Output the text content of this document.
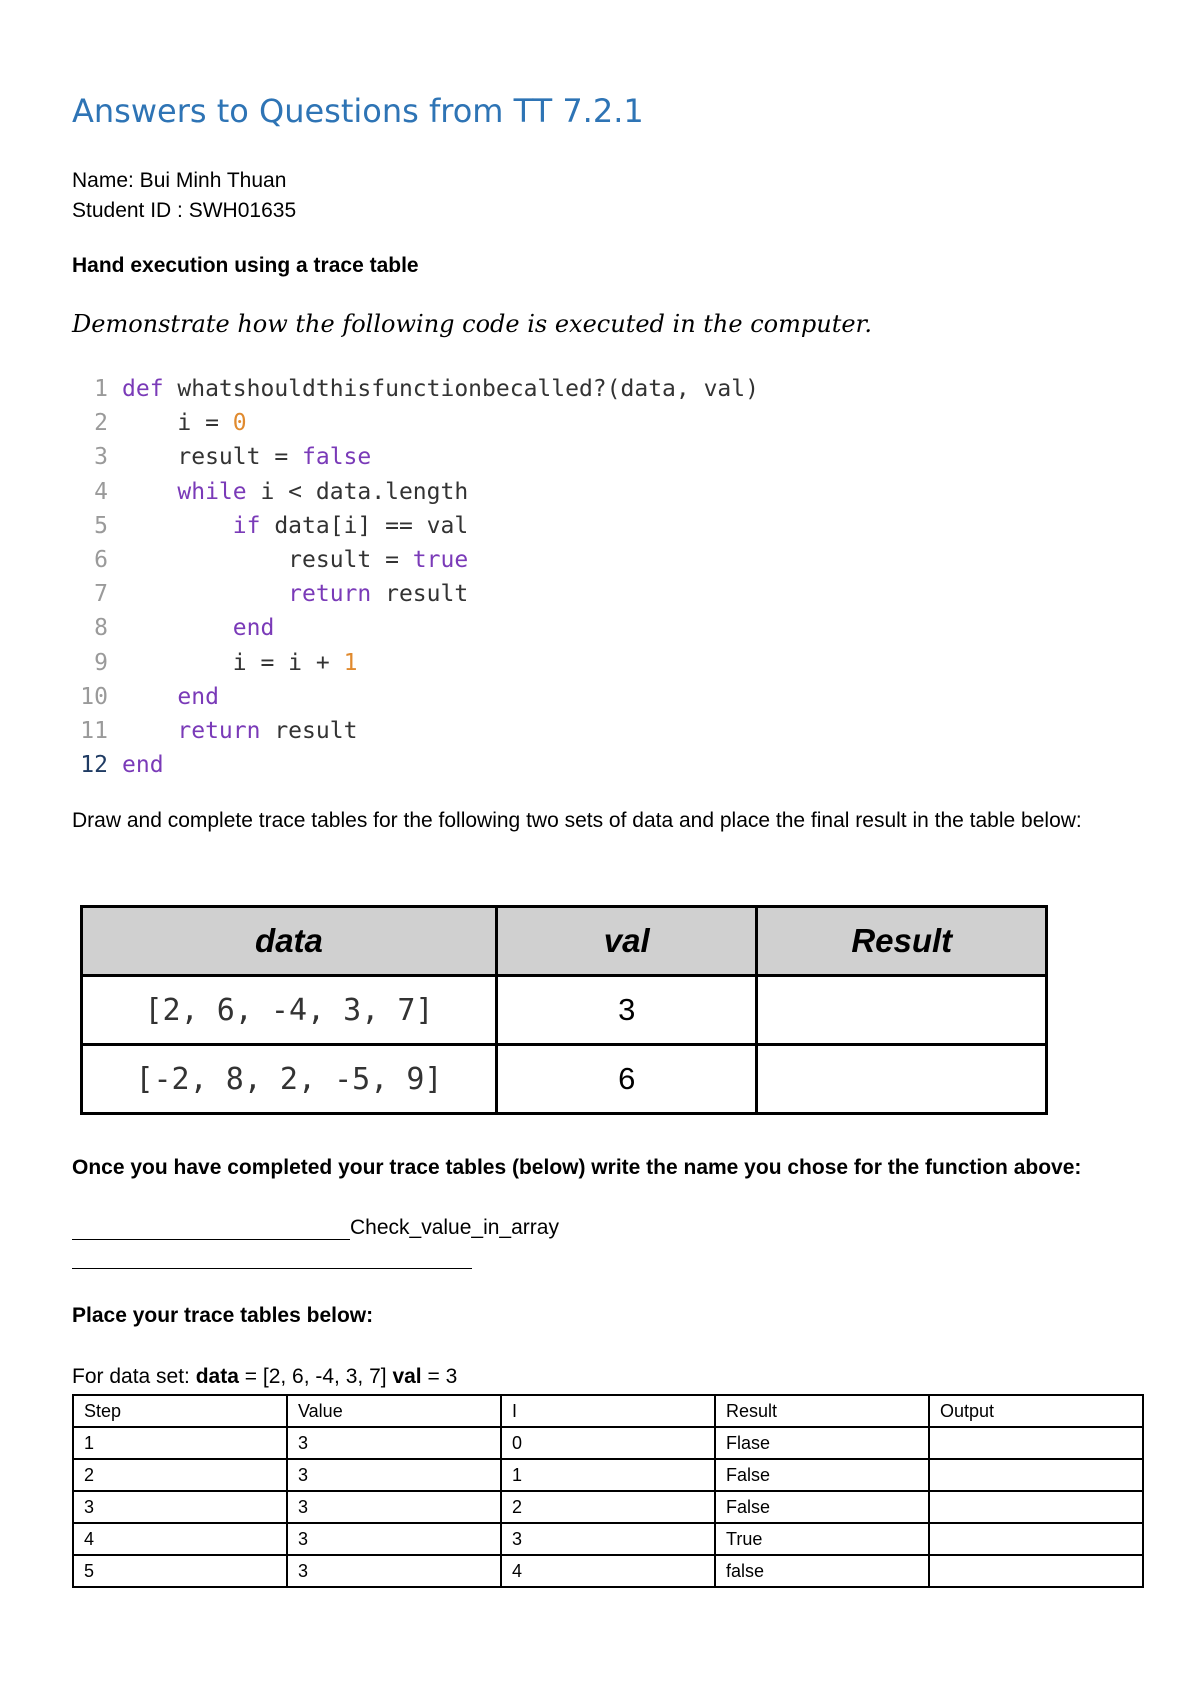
Answers to Questions from TT 7.2.1
Name: Bui Minh Thuan
Student ID : SWH01635
Hand execution using a trace table
Demonstrate how the following code is executed in the computer.
1 def whatshouldthisfunctionbecalled?(data, val)
2    i = 0
3    result = false
4	while i < data.length
5	if data[i] == val
6            result = true
7	return result
8	end
9        i = i + 1
10	end
11	return result
12 end
Draw and complete trace tables for the following two sets of data and place the final result in the table below:
data	val	Result
[2, 6, -4, 3, 7]	3	
[-2, 8, 2, -5, 9]	6	
Once you have completed your trace tables (below) write the name you chose for the function above:
Check_value_in_array
Place your trace tables below:
For data set: data = [2, 6, -4, 3, 7] val = 3
Step	Value	I	Result	Output
1	3	0	Flase	
2	3	1	False	
3	3	2	False	
4	3	3	True	
5	3	4	false	
